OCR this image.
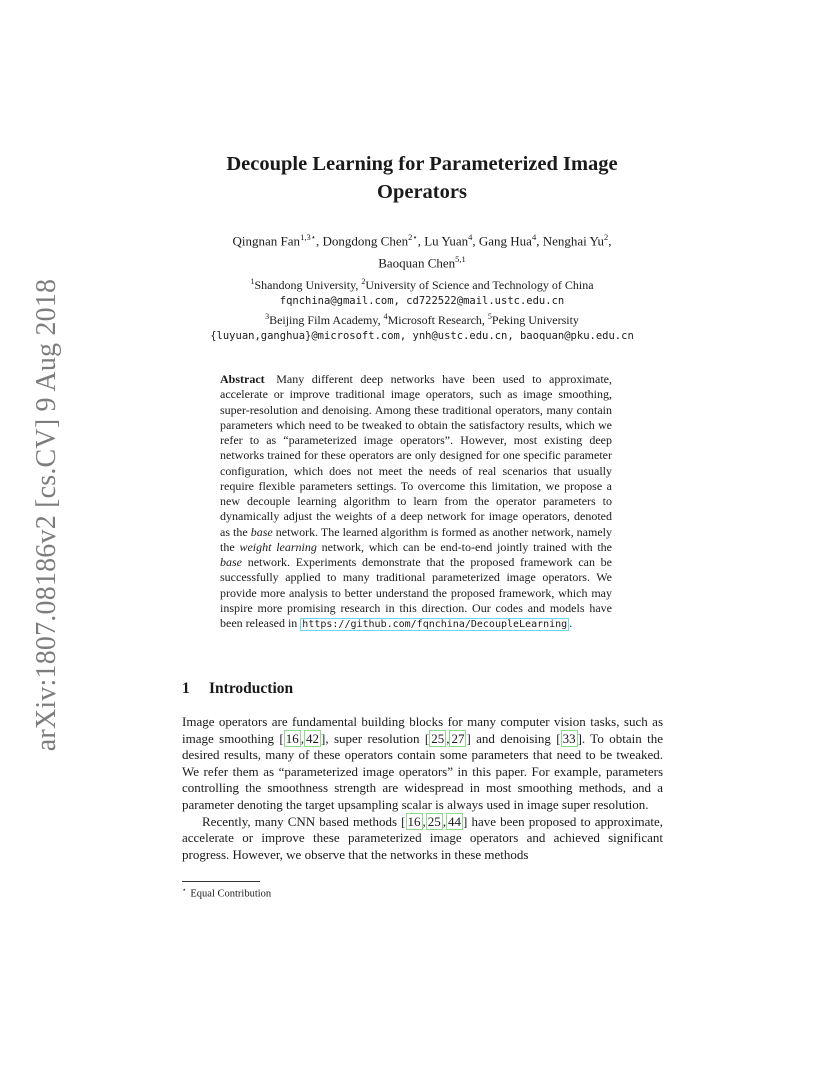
arXiv:1807.08186v2 [cs.CV] 9 Aug 2018
Decouple Learning for Parameterized Image
Operators
Qingnan Fan$^{1,3⋆}$, Dongdong Chen$^{2⋆}$, Lu Yuan$^4$, Gang Hua$^4$, Nenghai Yu$^2$,
Baoquan Chen$^{5,1}$
$^1$Shandong University, $^2$University of Science and Technology of China
fqnchina@gmail.com, cd722522@mail.ustc.edu.cn
$^3$Beijing Film Academy, $^4$Microsoft Research, $^5$Peking University
{luyuan,ganghua}@microsoft.com, ynh@ustc.edu.cn, baoquan@pku.edu.cn
Abstract Many different deep networks have been used to approximate, accelerate or improve traditional image operators, such as image smoothing, super-resolution and denoising. Among these traditional operators, many contain parameters which need to be tweaked to obtain the satisfactory results, which we refer to as “parameterized image operators”. However, most existing deep networks trained for these operators are only designed for one specific parameter configuration, which does not meet the needs of real scenarios that usually require flexible parameters settings. To overcome this limitation, we propose a new decouple learning algorithm to learn from the operator parameters to dynamically adjust the weights of a deep network for image operators, denoted as the base network. The learned algorithm is formed as another network, namely the weight learning network, which can be end-to-end jointly trained with the base network. Experiments demonstrate that the proposed framework can be successfully applied to many traditional parameterized image operators. We provide more analysis to better understand the proposed framework, which may inspire more promising research in this direction. Our codes and models have been released in https://github.com/fqnchina/DecoupleLearning .
1 Introduction

Image operators are fundamental building blocks for many computer vision tasks, such as image smoothing [ 16 , 42 ], super resolution [ 25 , 27 ] and denoising [ 33 ]. To obtain the desired results, many of these operators contain some parameters that need to be tweaked. We refer them as “parameterized image operators” in this paper. For example, parameters controlling the smoothness strength are widespread in most smoothing methods, and a parameter denoting the target upsampling scalar is always used in image super resolution.

Recently, many CNN based methods [ 16 , 25 , 44 ] have been proposed to approximate, accelerate or improve these parameterized image operators and achieved significant progress. However, we observe that the networks in these methods

⋆ Equal Contribution
